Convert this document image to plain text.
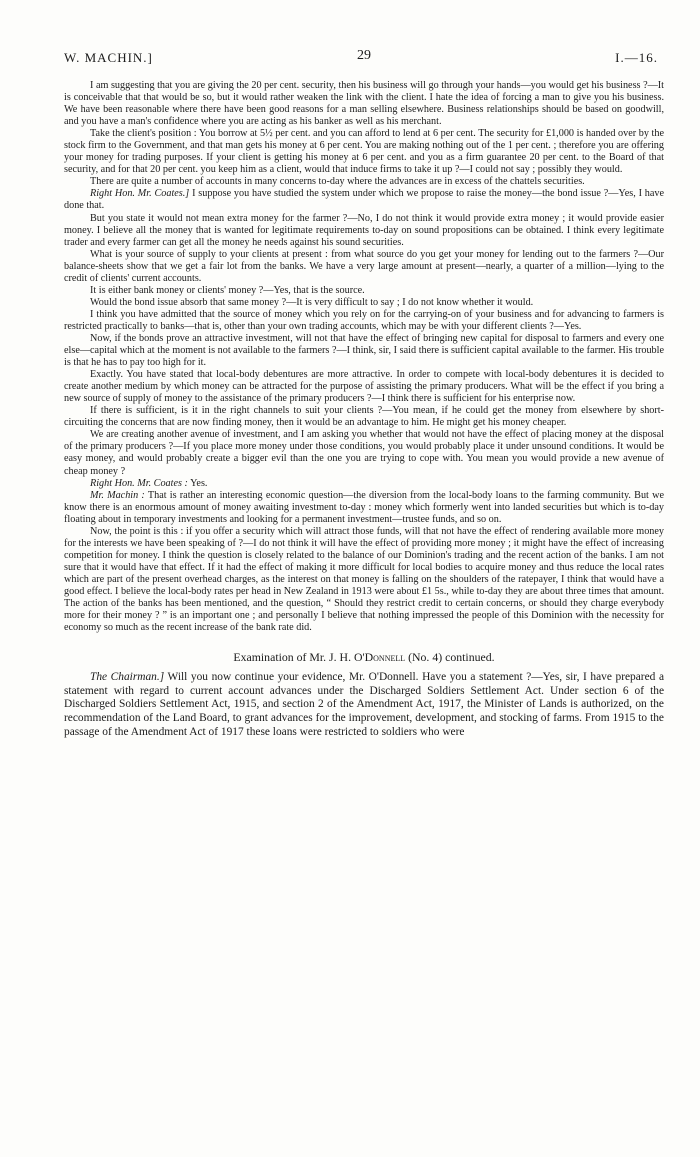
W. MACHIN.]	29	I.—16.

I am suggesting that you are giving the 20 per cent. security, then his business will go through your hands—you would get his business ?—It is conceivable that that would be so, but it would rather weaken the link with the client. I hate the idea of forcing a man to give you his business. We have been reasonable where there have been good reasons for a man selling elsewhere. Business relationships should be based on goodwill, and you have a man's confidence where you are acting as his banker as well as his merchant.

Take the client's position : You borrow at 5½ per cent. and you can afford to lend at 6 per cent. The security for £1,000 is handed over by the stock firm to the Government, and that man gets his money at 6 per cent. You are making nothing out of the 1 per cent. ; therefore you are offering your money for trading purposes. If your client is getting his money at 6 per cent. and you as a firm guarantee 20 per cent. to the Board of that security, and for that 20 per cent. you keep him as a client, would that induce firms to take it up ?—I could not say ; possibly they would.

There are quite a number of accounts in many concerns to-day where the advances are in excess of the chattels securities.

Right Hon. Mr. Coates.] I suppose you have studied the system under which we propose to raise the money—the bond issue ?—Yes, I have done that.

But you state it would not mean extra money for the farmer ?—No, I do not think it would provide extra money ; it would provide easier money. I believe all the money that is wanted for legitimate requirements to-day on sound propositions can be obtained. I think every legitimate trader and every farmer can get all the money he needs against his sound securities.

What is your source of supply to your clients at present : from what source do you get your money for lending out to the farmers ?—Our balance-sheets show that we get a fair lot from the banks. We have a very large amount at present—nearly, a quarter of a million—lying to the credit of clients' current accounts.

It is either bank money or clients' money ?—Yes, that is the source.

Would the bond issue absorb that same money ?—It is very difficult to say ; I do not know whether it would.

I think you have admitted that the source of money which you rely on for the carrying-on of your business and for advancing to farmers is restricted practically to banks—that is, other than your own trading accounts, which may be with your different clients ?—Yes.

Now, if the bonds prove an attractive investment, will not that have the effect of bringing new capital for disposal to farmers and every one else—capital which at the moment is not available to the farmers ?—I think, sir, I said there is sufficient capital available to the farmer. His trouble is that he has to pay too high for it.

Exactly. You have stated that local-body debentures are more attractive. In order to compete with local-body debentures it is decided to create another medium by which money can be attracted for the purpose of assisting the primary producers. What will be the effect if you bring a new source of supply of money to the assistance of the primary producers ?—I think there is sufficient for his enterprise now.

If there is sufficient, is it in the right channels to suit your clients ?—You mean, if he could get the money from elsewhere by short-circuiting the concerns that are now finding money, then it would be an advantage to him. He might get his money cheaper.

We are creating another avenue of investment, and I am asking you whether that would not have the effect of placing money at the disposal of the primary producers ?—If you place more money under those conditions, you would probably place it under unsound conditions. It would be easy money, and would probably create a bigger evil than the one you are trying to cope with. You mean you would provide a new avenue of cheap money ?

Right Hon. Mr. Coates : Yes.

Mr. Machin : That is rather an interesting economic question—the diversion from the local-body loans to the farming community. But we know there is an enormous amount of money awaiting investment to-day : money which formerly went into landed securities but which is to-day floating about in temporary investments and looking for a permanent investment—trustee funds, and so on.

Now, the point is this : if you offer a security which will attract those funds, will that not have the effect of rendering available more money for the interests we have been speaking of ?—I do not think it will have the effect of providing more money ; it might have the effect of increasing competition for money. I think the question is closely related to the balance of our Dominion's trading and the recent action of the banks. I am not sure that it would have that effect. If it had the effect of making it more difficult for local bodies to acquire money and thus reduce the local rates which are part of the present overhead charges, as the interest on that money is falling on the shoulders of the ratepayer, I think that would have a good effect. I believe the local-body rates per head in New Zealand in 1913 were about £1 5s., while to-day they are about three times that amount. The action of the banks has been mentioned, and the question, “ Should they restrict credit to certain concerns, or should they charge everybody more for their money ? ” is an important one ; and personally I believe that nothing impressed the people of this Dominion with the necessity for economy so much as the recent increase of the bank rate did.

Examination of Mr. J. H. O'Donnell (No. 4) continued.

The Chairman.] Will you now continue your evidence, Mr. O'Donnell. Have you a statement ?—Yes, sir, I have prepared a statement with regard to current account advances under the Discharged Soldiers Settlement Act. Under section 6 of the Discharged Soldiers Settlement Act, 1915, and section 2 of the Amendment Act, 1917, the Minister of Lands is authorized, on the recommendation of the Land Board, to grant advances for the improvement, development, and stocking of farms. From 1915 to the passage of the Amendment Act of 1917 these loans were restricted to soldiers who were
